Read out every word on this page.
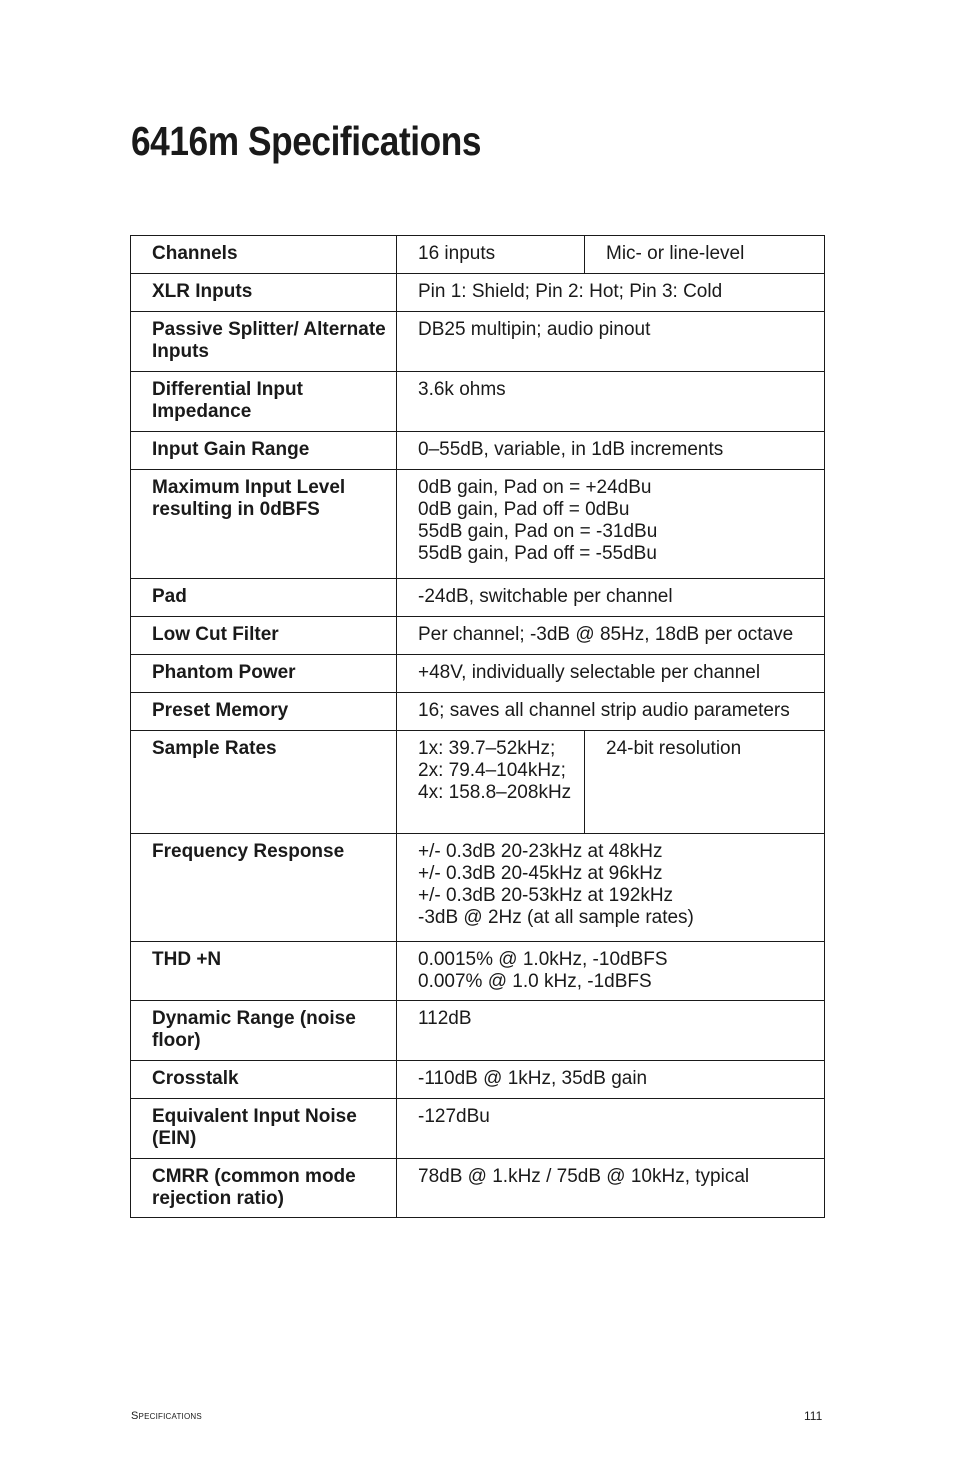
6416m Specifications
Channels	16 inputs	Mic- or line-level
XLR Inputs	Pin 1: Shield; Pin 2: Hot; Pin 3: Cold	
Passive Splitter/ Alternate Inputs	DB25 multipin; audio pinout	
Differential Input Impedance	3.6k ohms	
Input Gain Range	0–55dB, variable, in 1dB increments	
Maximum Input Level resulting in 0dBFS	0dB gain, Pad on = +24dBu
0dB gain, Pad off = 0dBu
55dB gain, Pad on = -31dBu
55dB gain, Pad off = -55dBu	

Pad	-24dB, switchable per channel	
Low Cut Filter	Per channel; -3dB @ 85Hz, 18dB per octave	
Phantom Power	+48V, individually selectable per channel	
Preset Memory	16; saves all channel strip audio parameters	
Sample Rates	1x: 39.7–52kHz;
2x: 79.4–104kHz;
4x: 158.8–208kHz	24-bit resolution
Frequency Response	+/- 0.3dB 20-23kHz at 48kHz
+/- 0.3dB 20-45kHz at 96kHz
+/- 0.3dB 20-53kHz at 192kHz
-3dB @ 2Hz (at all sample rates)	

THD +N	0.0015% @ 1.0kHz, -10dBFS
0.007% @ 1.0 kHz, -1dBFS	

Dynamic Range (noise floor)	112dB	
Crosstalk	-110dB @ 1kHz, 35dB gain	
Equivalent Input Noise (EIN)	-127dBu	
CMRR (common mode rejection ratio)	78dB @ 1.kHz / 75dB @ 10kHz, typical	
Specifications	111
